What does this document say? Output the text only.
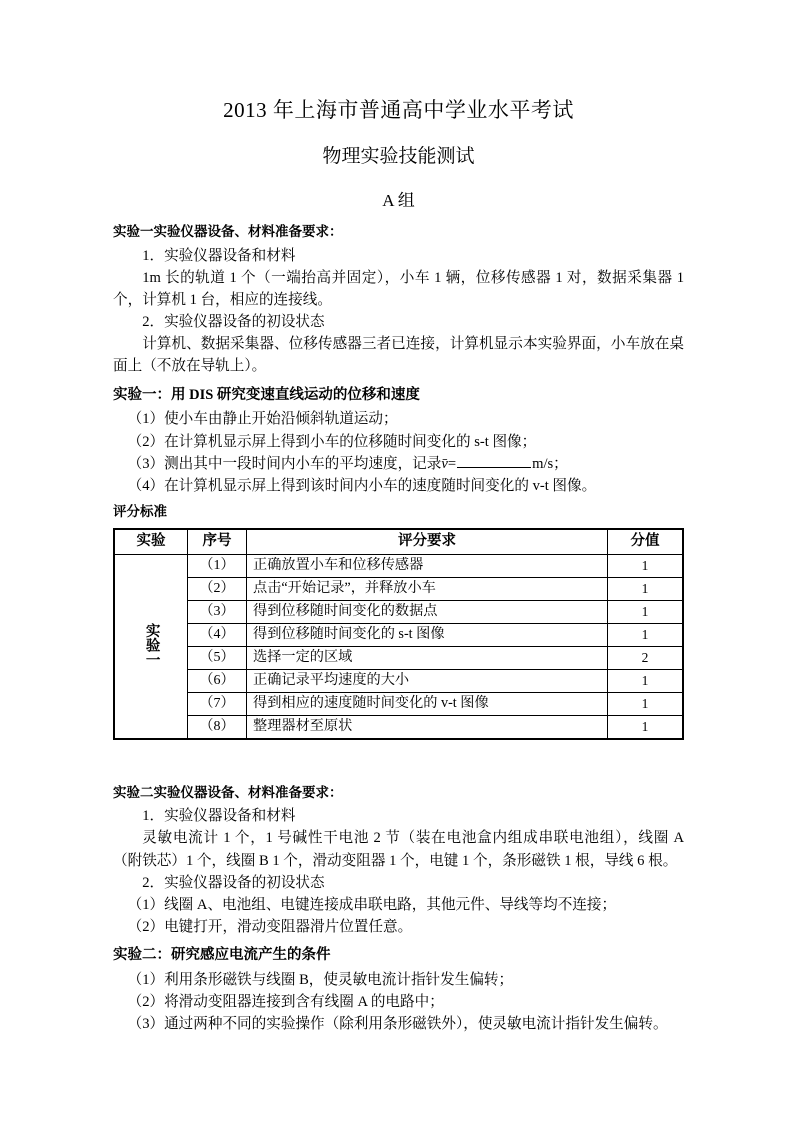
2013 年上海市普通高中学业水平考试
物理实验技能测试
A 组
实验一实验仪器设备、材料准备要求：

1．实验仪器设备和材料

1m 长的轨道 1 个（一端抬高并固定），小车 1 辆，位移传感器 1 对，数据采集器 1 个，计算机 1 台，相应的连接线。

2．实验仪器设备的初设状态

计算机、数据采集器、位移传感器三者已连接，计算机显示本实验界面，小车放在桌面上（不放在导轨上）。

实验一：用 DIS 研究变速直线运动的位移和速度

（1）使小车由静止开始沿倾斜轨道运动；

（2）在计算机显示屏上得到小车的位移随时间变化的 s-t 图像；

（3）测出其中一段时间内小车的平均速度，记录v̄=	m/s；

（4）在计算机显示屏上得到该时间内小车的速度随时间变化的 v-t 图像。

评分标准
实验	序号	评分要求	分值
实验一	（1）	正确放置小车和位移传感器	1
	（2）	点击“开始记录”，并释放小车	1
	（3）	得到位移随时间变化的数据点	1
	（4）	得到位移随时间变化的 s-t 图像	1
	（5）	选择一定的区域	2
	（6）	正确记录平均速度的大小	1
	（7）	得到相应的速度随时间变化的 v-t 图像	1
	（8）	整理器材至原状	1
实验二实验仪器设备、材料准备要求：

1．实验仪器设备和材料

灵敏电流计 1 个，1 号碱性干电池 2 节（装在电池盒内组成串联电池组），线圈 A（附铁芯）1 个，线圈 B 1 个，滑动变阻器 1 个，电键 1 个，条形磁铁 1 根，导线 6 根。

2．实验仪器设备的初设状态

（1）线圈 A、电池组、电键连接成串联电路，其他元件、导线等均不连接；

（2）电键打开，滑动变阻器滑片位置任意。

实验二：研究感应电流产生的条件

（1）利用条形磁铁与线圈 B，使灵敏电流计指针发生偏转；

（2）将滑动变阻器连接到含有线圈 A 的电路中；

（3）通过两种不同的实验操作（除利用条形磁铁外），使灵敏电流计指针发生偏转。
